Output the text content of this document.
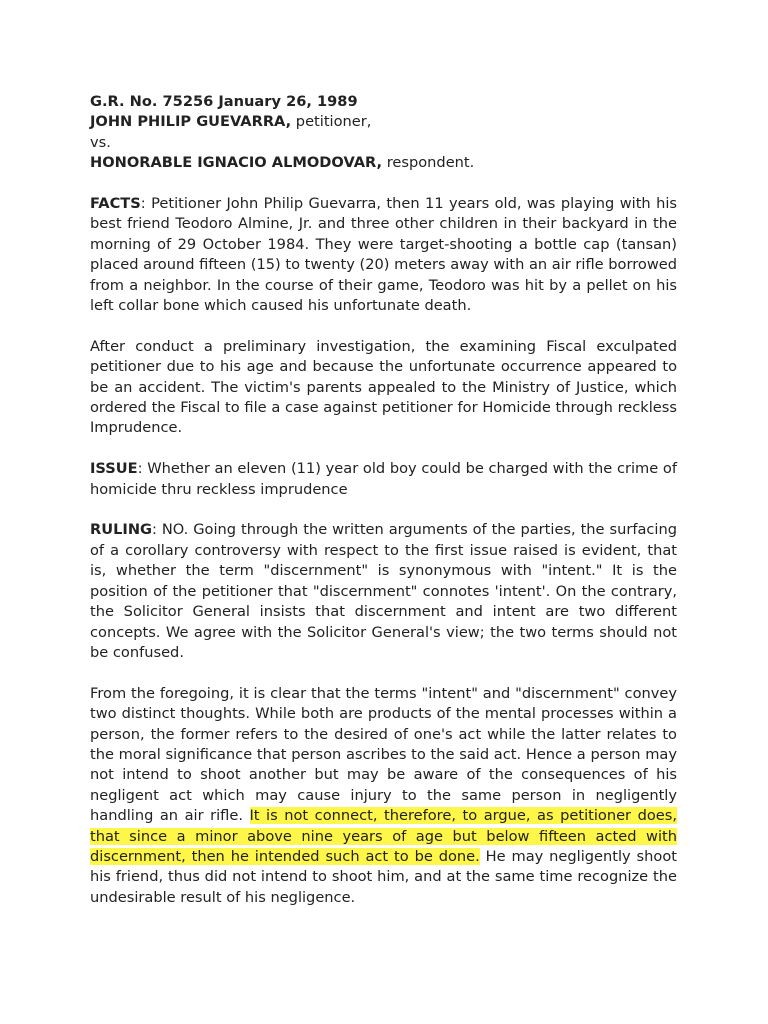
G.R. No. 75256 January 26, 1989
JOHN PHILIP GUEVARRA, petitioner,
vs.
HONORABLE IGNACIO ALMODOVAR, respondent.

FACTS: Petitioner John Philip Guevarra, then 11 years old, was playing with his best friend Teodoro Almine, Jr. and three other children in their backyard in the morning of 29 October 1984. They were target-shooting a bottle cap (tansan) placed around fifteen (15) to twenty (20) meters away with an air rifle borrowed from a neighbor. In the course of their game, Teodoro was hit by a pellet on his left collar bone which caused his unfortunate death.

After conduct a preliminary investigation, the examining Fiscal exculpated petitioner due to his age and because the unfortunate occurrence appeared to be an accident. The victim's parents appealed to the Ministry of Justice, which ordered the Fiscal to file a case against petitioner for Homicide through reckless Imprudence.

ISSUE: Whether an eleven (11) year old boy could be charged with the crime of homicide thru reckless imprudence

RULING: NO. Going through the written arguments of the parties, the surfacing of a corollary controversy with respect to the first issue raised is evident, that is, whether the term "discernment" is synonymous with "intent." It is the position of the petitioner that "discernment" connotes 'intent'. On the contrary, the Solicitor General insists that discernment and intent are two different concepts. We agree with the Solicitor General's view; the two terms should not be confused.

From the foregoing, it is clear that the terms "intent" and "discernment" convey two distinct thoughts. While both are products of the mental processes within a person, the former refers to the desired of one's act while the latter relates to the moral significance that person ascribes to the said act. Hence a person may not intend to shoot another but may be aware of the consequences of his negligent act which may cause injury to the same person in negligently handling an air rifle. It is not connect, therefore, to argue, as petitioner does, that since a minor above nine years of age but below fifteen acted with discernment, then he intended such act to be done. He may negligently shoot his friend, thus did not intend to shoot him, and at the same time recognize the undesirable result of his negligence.
